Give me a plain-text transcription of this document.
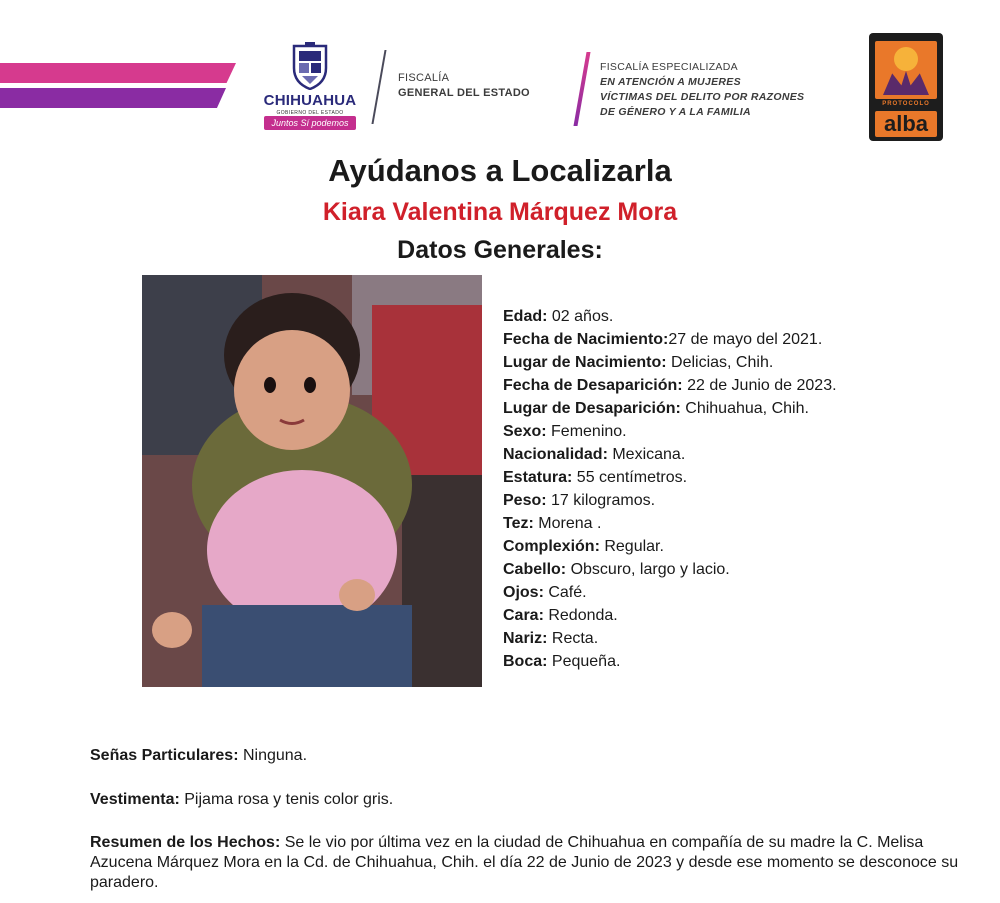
CHIHUAHUA
GOBIERNO DEL ESTADO
Juntos Sí podemos
FISCALÍA
GENERAL DEL ESTADO
FISCALÍA ESPECIALIZADA
EN ATENCIÓN A MUJERES
VÍCTIMAS DEL DELITO POR RAZONES
DE GÉNERO Y A LA FAMILIA
PROTOCOLO
alba
Ayúdanos a Localizarla
Kiara Valentina Márquez Mora
Datos Generales:
Edad: 02 años.
Fecha de Nacimiento:27 de mayo del 2021.
Lugar de Nacimiento: Delicias, Chih.
Fecha de Desaparición: 22 de Junio de 2023.
Lugar de Desaparición: Chihuahua, Chih.
Sexo: Femenino.
Nacionalidad: Mexicana.
Estatura: 55 centímetros.
Peso: 17 kilogramos.
Tez: Morena .
Complexión: Regular.
Cabello: Obscuro, largo y lacio.
Ojos: Café.
Cara: Redonda.
Nariz: Recta.
Boca: Pequeña.
Señas Particulares: Ninguna.
Vestimenta: Pijama rosa y tenis color gris.
Resumen de los Hechos: Se le vio por última vez en la ciudad de Chihuahua en compañía de su madre la C. Melisa Azucena Márquez Mora en la Cd. de Chihuahua, Chih. el día 22 de Junio de 2023 y desde ese momento se desconoce su paradero.
